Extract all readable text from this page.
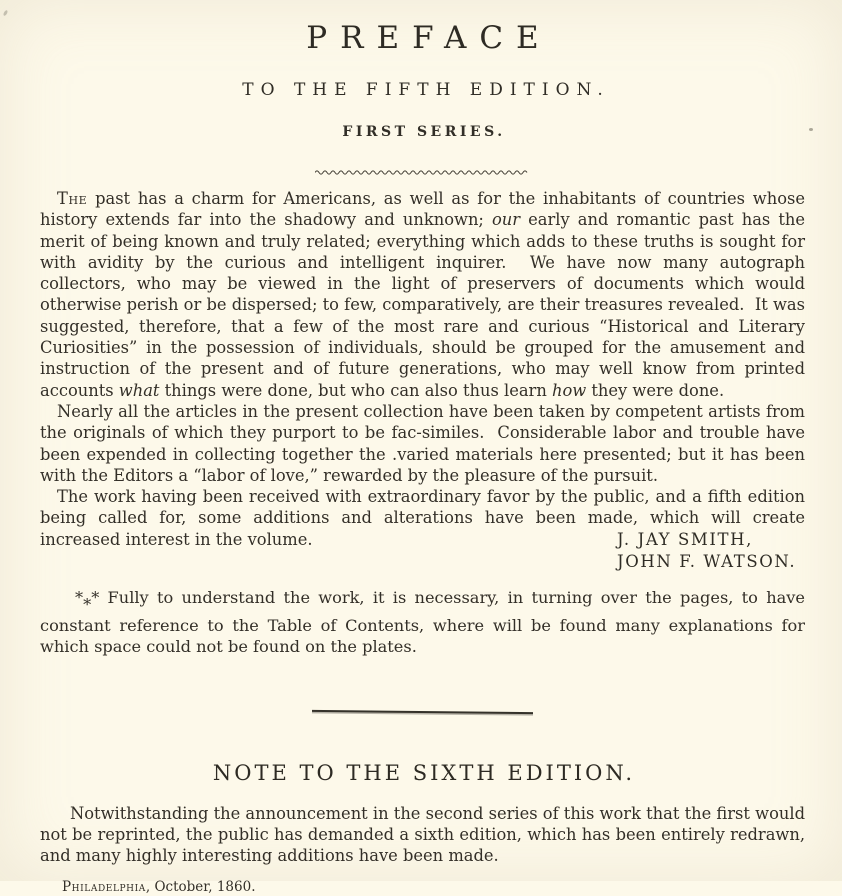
PREFACE
TO THE FIFTH EDITION.
FIRST SERIES.

The past has a charm for Americans, as well as for the inhabitants of countries whose history extends far into the shadowy and unknown; our early and romantic past has the merit of being known and truly related; everything which adds to these truths is sought for with avidity by the curious and intelligent inquirer.  We have now many autograph collectors, who may be viewed in the light of preservers of documents which would otherwise perish or be dispersed; to few, comparatively, are their treasures revealed.  It was suggested, therefore, that a few of the most rare and curious “Historical and Literary Curiosities” in the possession of individuals, should be grouped for the amusement and instruction of the present and of future generations, who may well know from printed accounts what things were done, but who can also thus learn how they were done.

Nearly all the articles in the present collection have been taken by competent artists from the originals of which they purport to be fac-similes.  Considerable labor and trouble have been expended in collecting together the .varied materials here presented; but it has been with the Editors a “labor of love,” rewarded by the pleasure of the pursuit.

The work having been received with extraordinary favor by the public, and a fifth edition being called for, some additions and alterations have been made, which will create increased interest in the volume.	J. JAY SMITH,
JOHN F. WATSON.

*** Fully to understand the work, it is necessary, in turning over the pages, to have constant reference to the Table of Contents, where will be found many explanations for which space could not be found on the plates.

NOTE TO THE SIXTH EDITION.

Notwithstanding the announcement in the second series of this work that the first would not be reprinted, the public has demanded a sixth edition, which has been entirely redrawn, and many highly interesting additions have been made.

Philadelphia, October, 1860.
